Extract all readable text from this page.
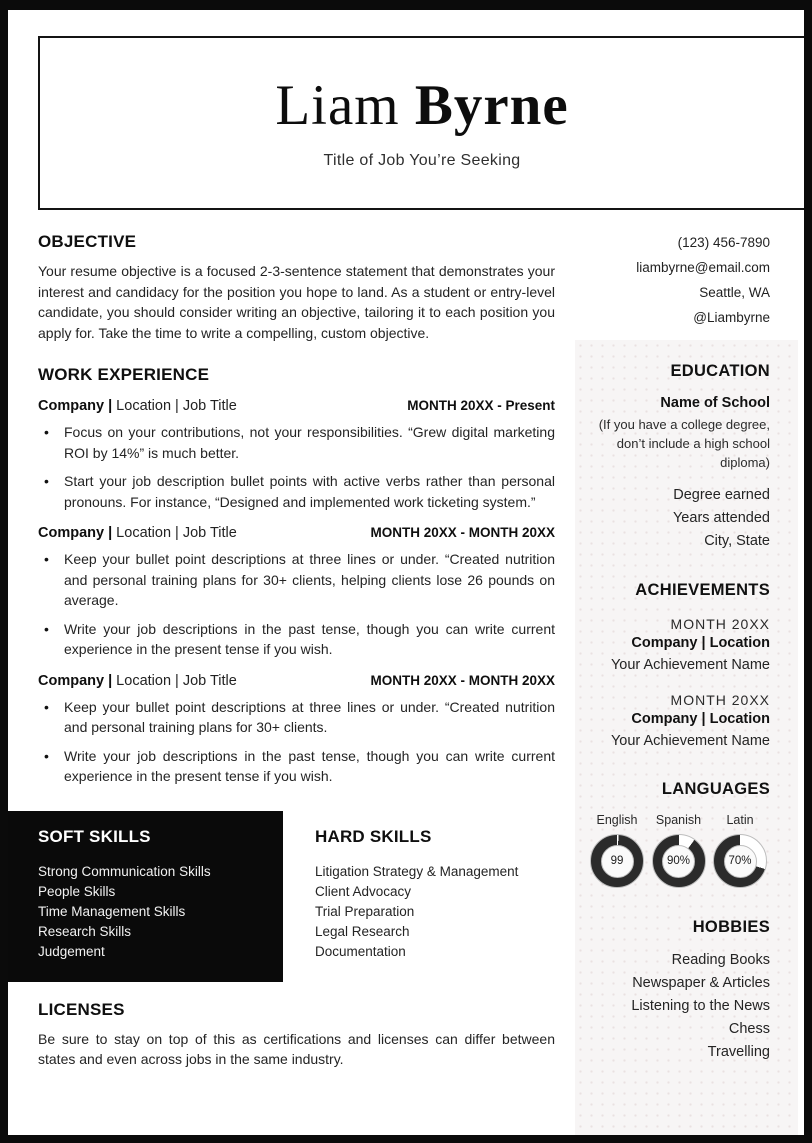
Liam Byrne
Title of Job You’re Seeking
(123) 456-7890
liambyrne@email.com
Seattle, WA
@Liambyrne
OBJECTIVE
Your resume objective is a focused 2-3-sentence statement that demonstrates your interest and candidacy for the position you hope to land. As a student or entry-level candidate, you should consider writing an objective, tailoring it to each position you apply for. Take the time to write a compelling, custom objective.
WORK EXPERIENCE
Company | Location | Job Title	MONTH 20XX - Present
• Focus on your contributions, not your responsibilities. “Grew digital marketing ROI by 14%” is much better.
• Start your job description bullet points with active verbs rather than personal pronouns. For instance, “Designed and implemented work ticketing system.”
Company | Location | Job Title	MONTH 20XX - MONTH 20XX
• Keep your bullet point descriptions at three lines or under. “Created nutrition and personal training plans for 30+ clients, helping clients lose 26 pounds on average.
• Write your job descriptions in the past tense, though you can write current experience in the present tense if you wish.
Company | Location | Job Title	MONTH 20XX - MONTH 20XX
• Keep your bullet point descriptions at three lines or under. “Created nutrition and personal training plans for 30+ clients.
• Write your job descriptions in the past tense, though you can write current experience in the present tense if you wish.
SOFT SKILLS
Strong Communication Skills
People Skills
Time Management Skills
Research Skills
Judgement
HARD SKILLS
Litigation Strategy & Management
Client Advocacy
Trial Preparation
Legal Research
Documentation
LICENSES
Be sure to stay on top of this as certifications and licenses can differ between states and even across jobs in the same industry.
EDUCATION
Name of School
(If you have a college degree, don’t include a high school diploma)
Degree earned
Years attended
City, State
ACHIEVEMENTS
MONTH 20XX
Company | Location
Your Achievement Name
MONTH 20XX
Company | Location
Your Achievement Name
LANGUAGES
English
99
Spanish
90%
Latin
70%
HOBBIES
Reading Books
Newspaper & Articles
Listening to the News
Chess
Travelling
